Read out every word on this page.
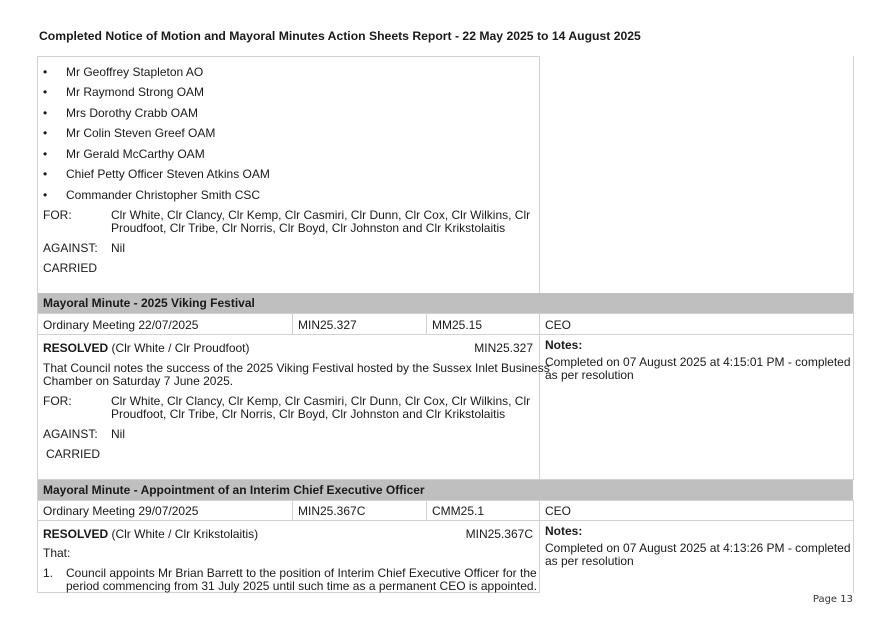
Completed Notice of Motion and Mayoral Minutes Action Sheets Report - 22 May 2025 to 14 August 2025
• Mr Geoffrey Stapleton AO
• Mr Raymond Strong OAM
• Mrs Dorothy Crabb OAM
• Mr Colin Steven Greef OAM
• Mr Gerald McCarthy OAM
• Chief Petty Officer Steven Atkins OAM
• Commander Christopher Smith CSC
FOR:	Clr White, Clr Clancy, Clr Kemp, Clr Casmiri, Clr Dunn, Clr Cox, Clr Wilkins, Clr
Proudfoot, Clr Tribe, Clr Norris, Clr Boyd, Clr Johnston and Clr Krikstolaitis
AGAINST: Nil
CARRIED
Mayoral Minute - 2025 Viking Festival
Ordinary Meeting 22/07/2025	MIN25.327	MM25.15	CEO
RESOLVED (Clr White / Clr Proudfoot)	MIN25.327
That Council notes the success of the 2025 Viking Festival hosted by the Sussex Inlet Business
Chamber on Saturday 7 June 2025.
FOR:	Clr White, Clr Clancy, Clr Kemp, Clr Casmiri, Clr Dunn, Clr Cox, Clr Wilkins, Clr
Proudfoot, Clr Tribe, Clr Norris, Clr Boyd, Clr Johnston and Clr Krikstolaitis
AGAINST: Nil
CARRIED
Notes:
Completed on 07 August 2025 at 4:15:01 PM - completed
as per resolution
Mayoral Minute - Appointment of an Interim Chief Executive Officer
Ordinary Meeting 29/07/2025	MIN25.367C	CMM25.1	CEO
RESOLVED (Clr White / Clr Krikstolaitis)	MIN25.367C
That:
1. Council appoints Mr Brian Barrett to the position of Interim Chief Executive Officer for the
period commencing from 31 July 2025 until such time as a permanent CEO is appointed.
Notes:
Completed on 07 August 2025 at 4:13:26 PM - completed
as per resolution
Page 13
